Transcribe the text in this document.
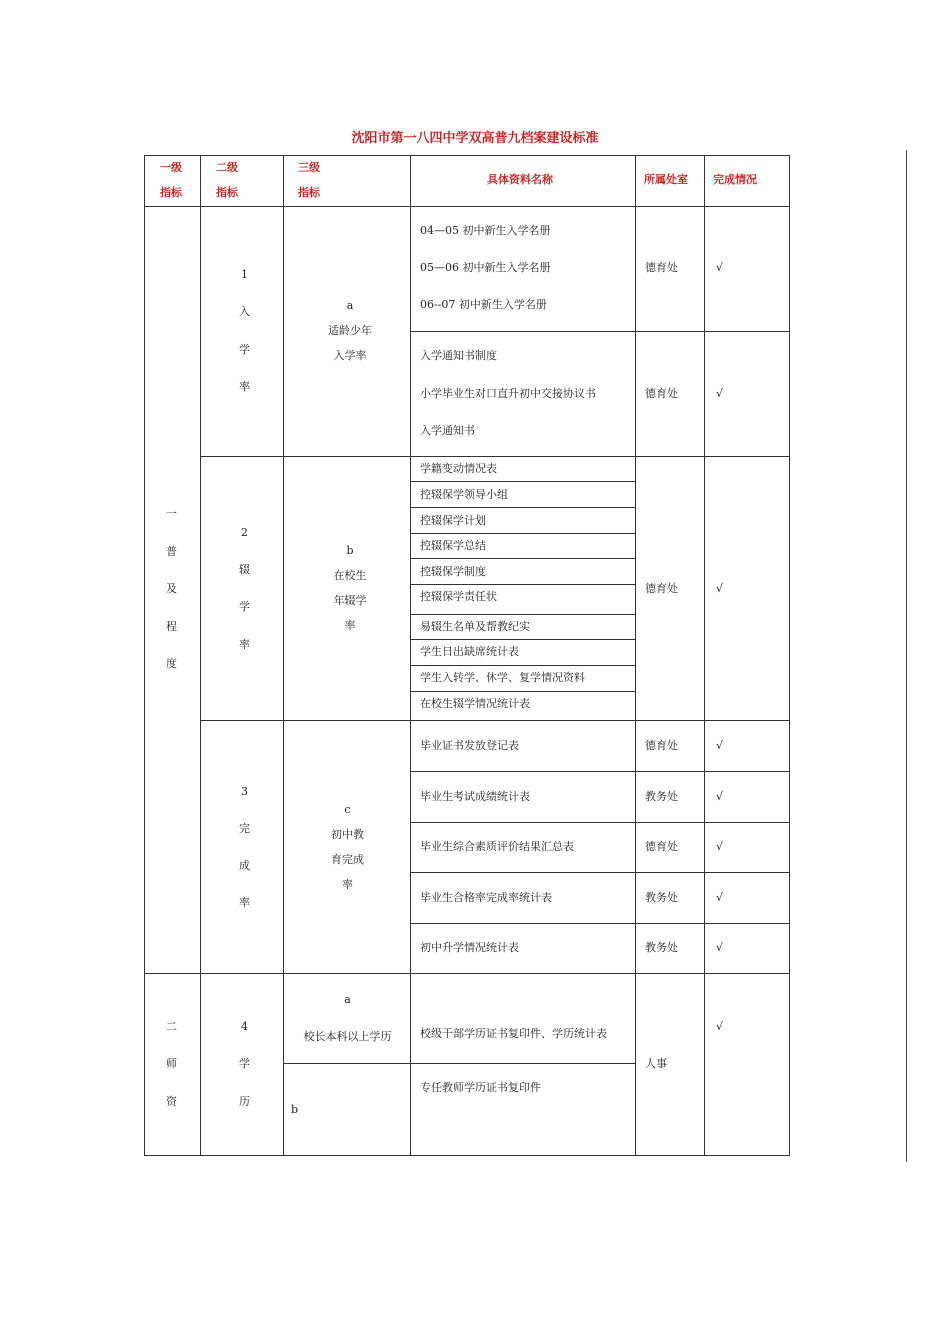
沈阳市第一八四中学双高普九档案建设标准
一级
指标
二级
指标
三级
指标
具体资料名称	所属处室 完成情况
一
普
及
程
度
二
师
资
1
入
学
率
2
辍
学
率
3
完
成
率
4
学
历
a
适龄少年
入学率
b
在校生
年辍学
率
c
初中教
育完成
率
a
校长本科以上学历
b
04—05 初中新生入学名册
05—06 初中新生入学名册
06--07 初中新生入学名册
入学通知书制度
小学毕业生对口直升初中交接协议书
入学通知书
学籍变动情况表
控辍保学领导小组
控辍保学计划
控辍保学总结
控辍保学制度
控辍保学责任状
易辍生名单及帮教纪实
学生日出缺席统计表
学生入转学、休学、复学情况资料
在校生辍学情况统计表
毕业证书发放登记表
毕业生考试成绩统计表
毕业生综合素质评价结果汇总表
毕业生合格率完成率统计表
初中升学情况统计表
校级干部学历证书复印件、学历统计表
专任教师学历证书复印件
德育处
德育处
德育处
德育处
教务处
德育处
教务处
教务处
人事
√
√
√
√
√
√
√
√
√
